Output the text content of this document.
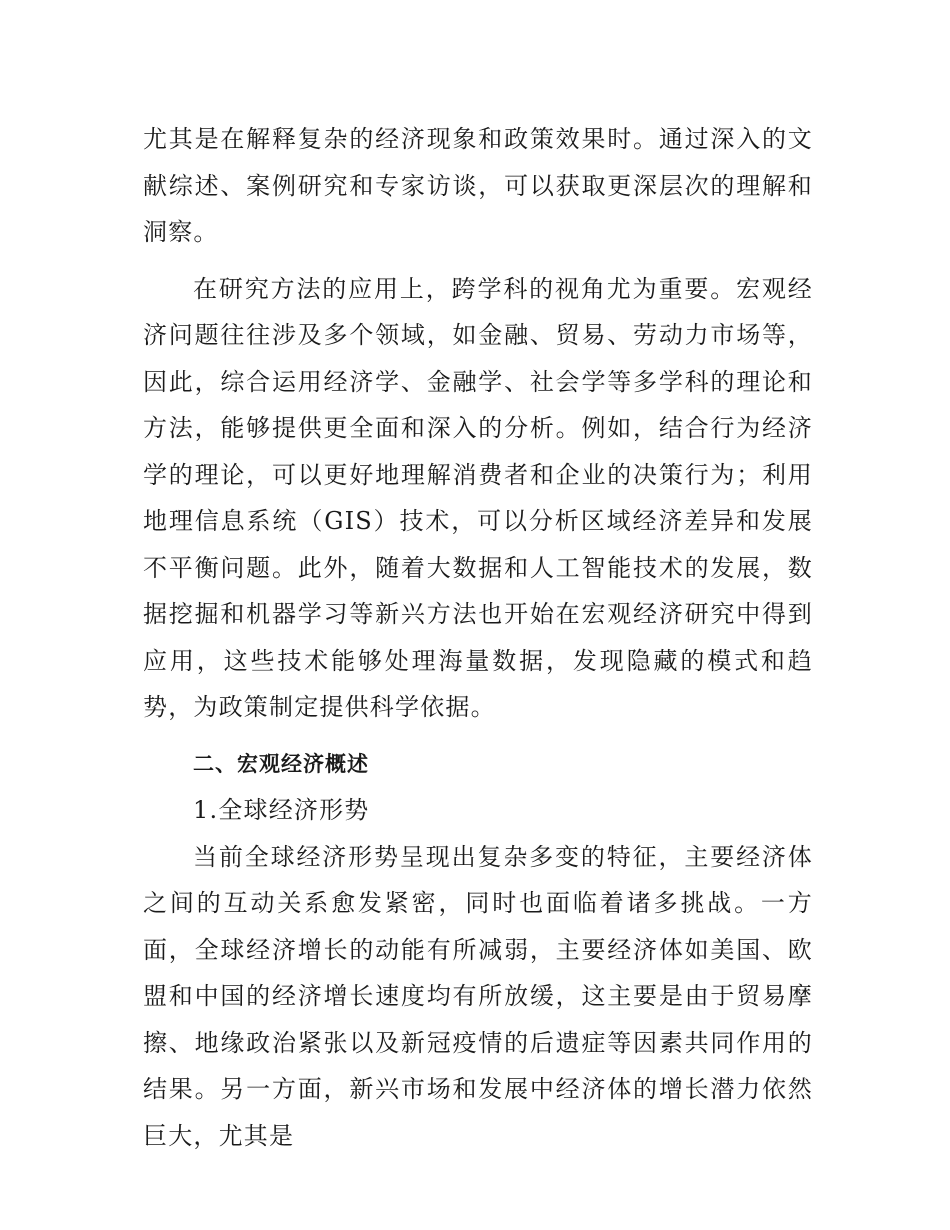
尤其是在解释复杂的经济现象和政策效果时。通过深入的文献综述、案例研究和专家访谈，可以获取更深层次的理解和洞察。

在研究方法的应用上，跨学科的视角尤为重要。宏观经济问题往往涉及多个领域，如金融、贸易、劳动力市场等，因此，综合运用经济学、金融学、社会学等多学科的理论和方法，能够提供更全面和深入的分析。例如，结合行为经济学的理论，可以更好地理解消费者和企业的决策行为；利用地理信息系统（GIS）技术，可以分析区域经济差异和发展不平衡问题。此外，随着大数据和人工智能技术的发展，数据挖掘和机器学习等新兴方法也开始在宏观经济研究中得到应用，这些技术能够处理海量数据，发现隐藏的模式和趋势，为政策制定提供科学依据。

二、宏观经济概述

1.全球经济形势

当前全球经济形势呈现出复杂多变的特征，主要经济体之间的互动关系愈发紧密，同时也面临着诸多挑战。一方面，全球经济增长的动能有所减弱，主要经济体如美国、欧盟和中国的经济增长速度均有所放缓，这主要是由于贸易摩擦、地缘政治紧张以及新冠疫情的后遗症等因素共同作用的结果。另一方面，新兴市场和发展中经济体的增长潜力依然巨大，尤其是
